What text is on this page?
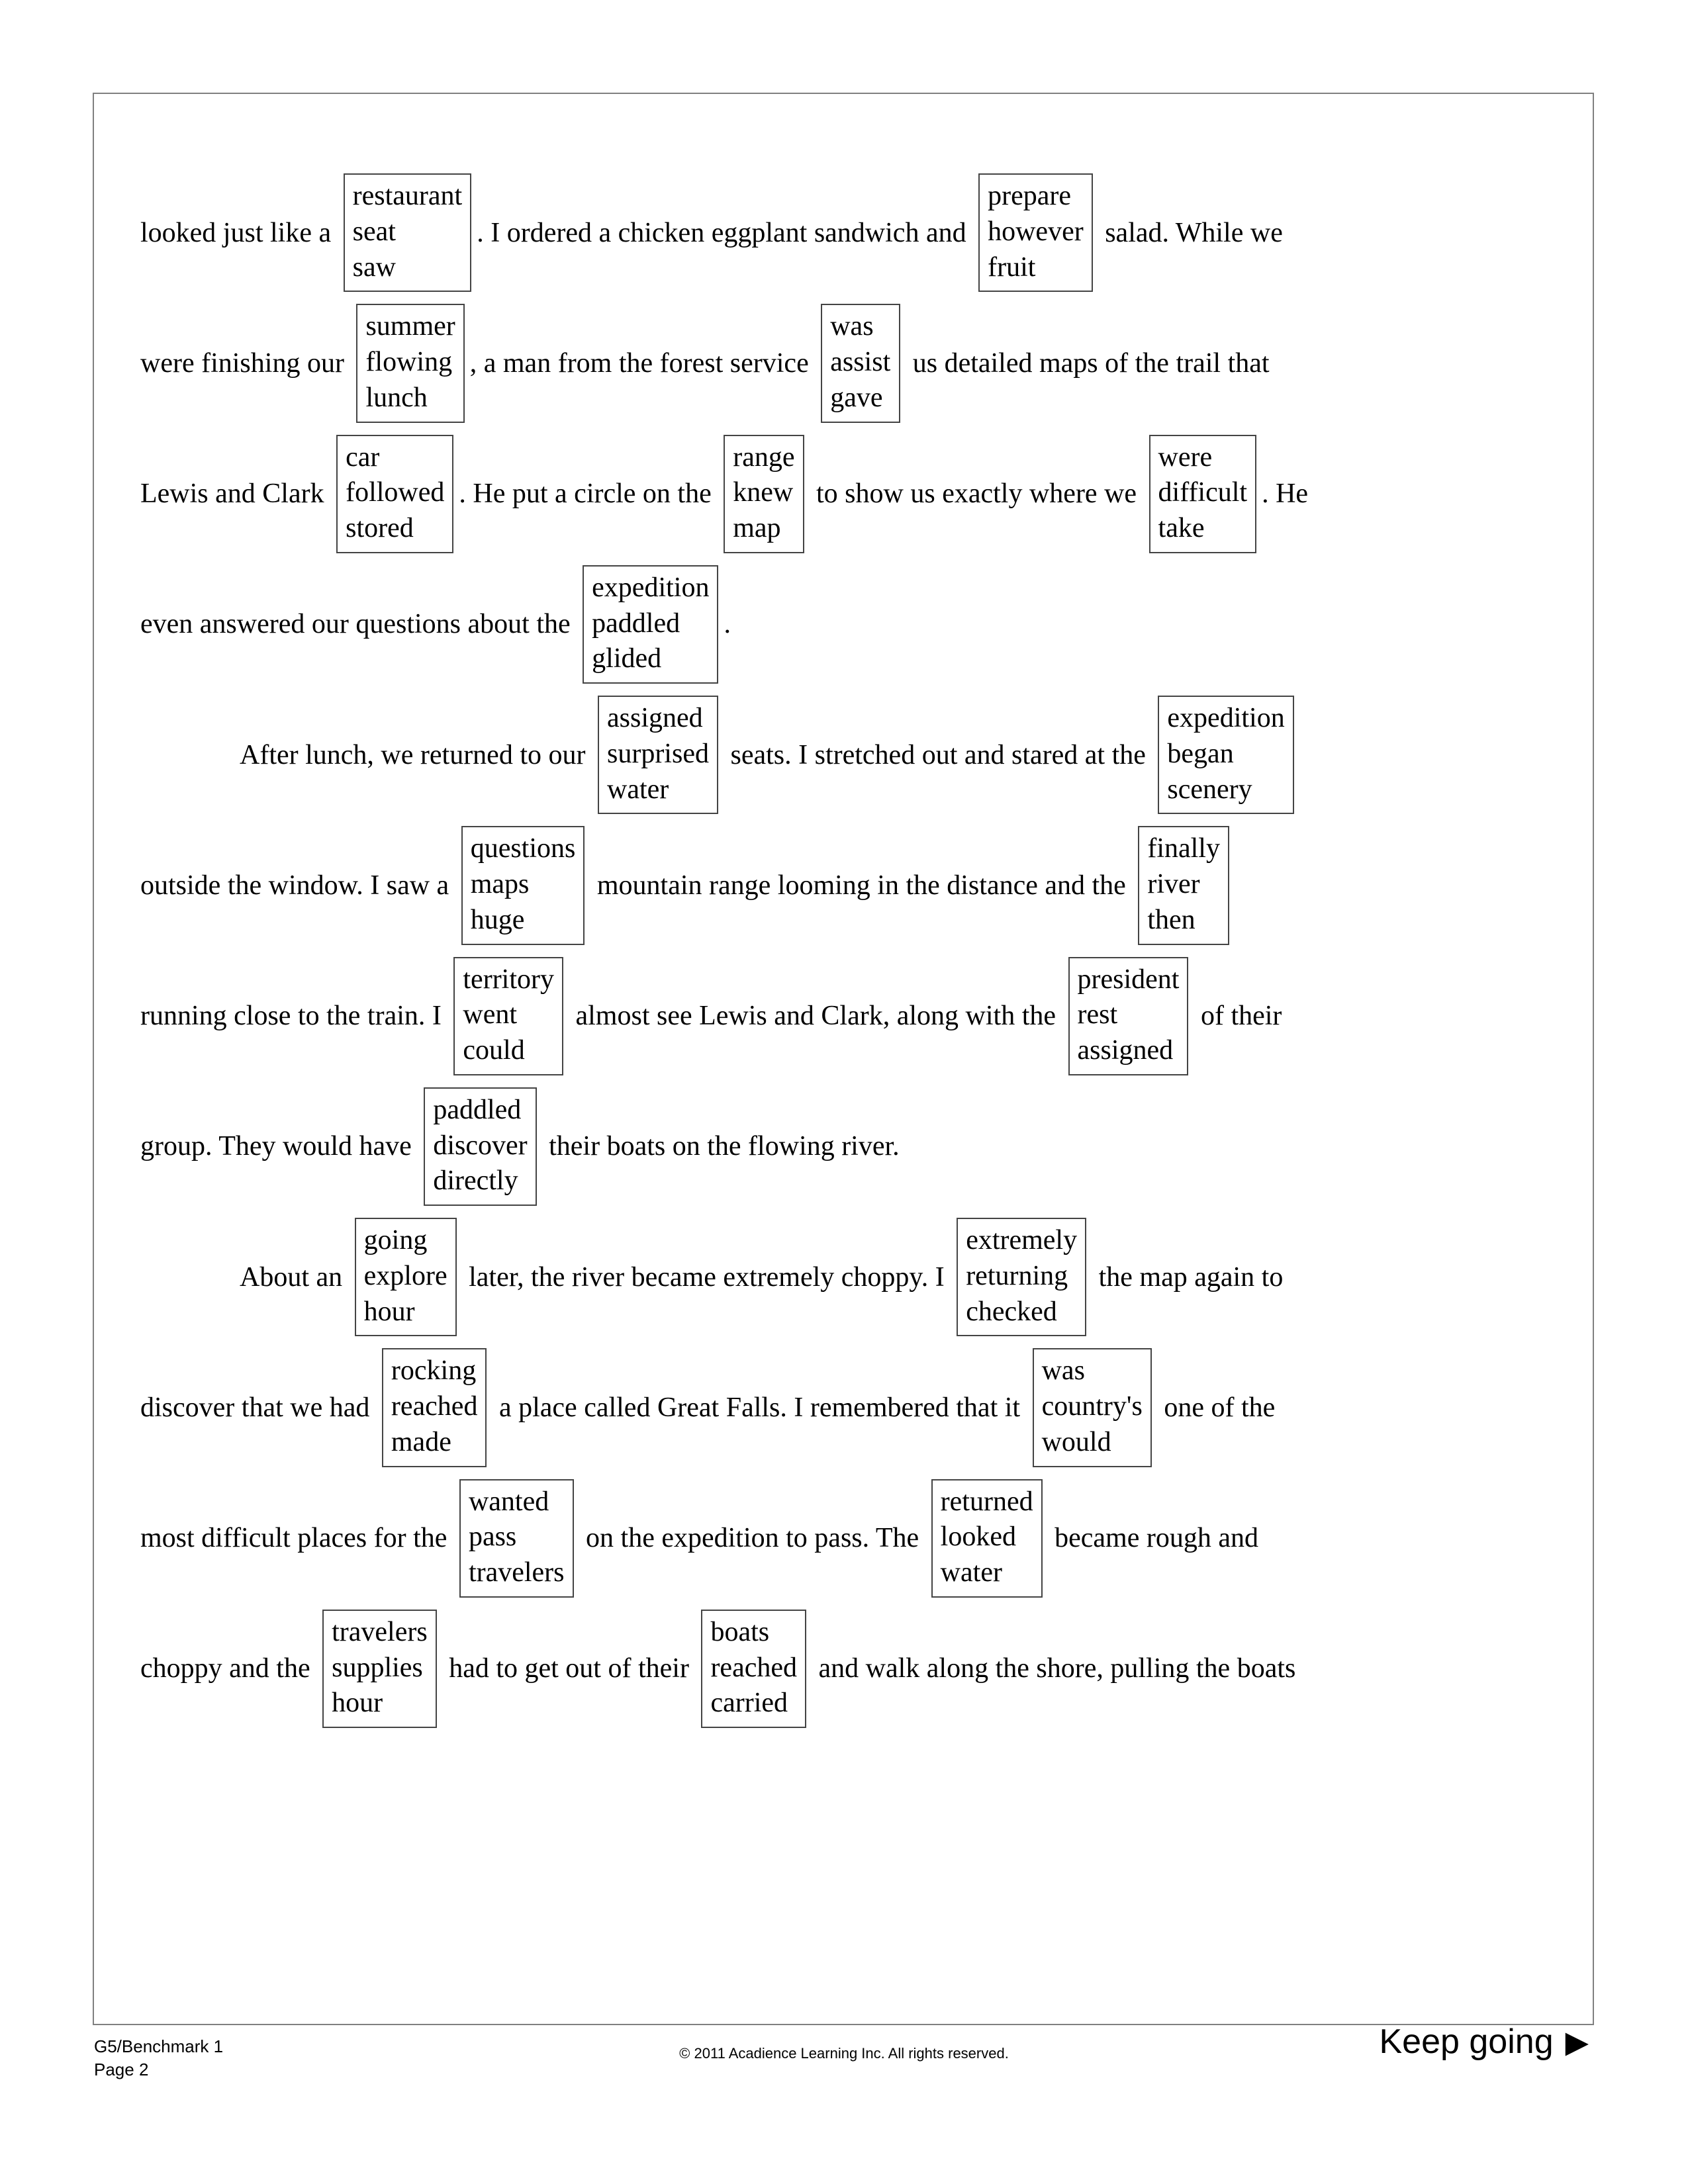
looked just like a
restaurant
seat
saw
. I ordered a chicken eggplant sandwich and
prepare
however
fruit
salad. While we
were finishing our
summer
flowing
lunch
, a man from the forest service
was
assist
gave
us detailed maps of the trail that
Lewis and Clark
car
followed
stored
. He put a circle on the
range
knew
map
to show us exactly where we
were
difficult
take
. He
even answered our questions about the
expedition
paddled
glided
.
After lunch, we returned to our
assigned
surprised
water
seats. I stretched out and stared at the
expedition
began
scenery
outside the window. I saw a
questions
maps
huge
mountain range looming in the distance and the
finally
river
then
running close to the train. I
territory
went
could
almost see Lewis and Clark, along with the
president
rest
assigned
of their
group. They would have
paddled
discover
directly
their boats on the flowing river.
About an
going
explore
hour
later, the river became extremely choppy. I
extremely
returning
checked
the map again to
discover that we had
rocking
reached
made
a place called Great Falls. I remembered that it
was
country's
would
one of the
most difficult places for the
wanted
pass
travelers
on the expedition to pass. The
returned
looked
water
became rough and
choppy and the
travelers
supplies
hour
had to get out of their
boats
reached
carried
and walk along the shore, pulling the boats
G5/Benchmark 1
Page 2
© 2011 Acadience Learning Inc. All rights reserved.	Keep going ▶
